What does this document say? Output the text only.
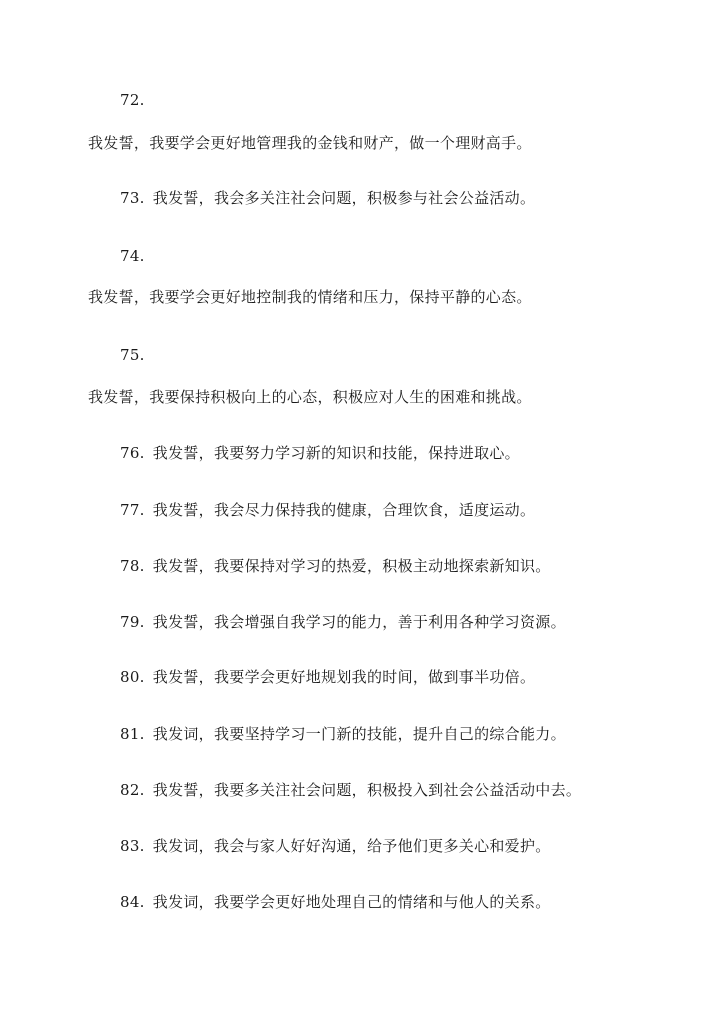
72.
我发誓，我要学会更好地管理我的金钱和财产，做一个理财高手。
73. 我发誓，我会多关注社会问题，积极参与社会公益活动。
74.
我发誓，我要学会更好地控制我的情绪和压力，保持平静的心态。
75.
我发誓，我要保持积极向上的心态，积极应对人生的困难和挑战。
76. 我发誓，我要努力学习新的知识和技能，保持进取心。
77. 我发誓，我会尽力保持我的健康，合理饮食，适度运动。
78. 我发誓，我要保持对学习的热爱，积极主动地探索新知识。
79. 我发誓，我会增强自我学习的能力，善于利用各种学习资源。
80. 我发誓，我要学会更好地规划我的时间，做到事半功倍。
81. 我发词，我要坚持学习一门新的技能，提升自己的综合能力。
82. 我发誓，我要多关注社会问题，积极投入到社会公益活动中去。
83. 我发词，我会与家人好好沟通，给予他们更多关心和爱护。
84. 我发词，我要学会更好地处理自己的情绪和与他人的关系。
